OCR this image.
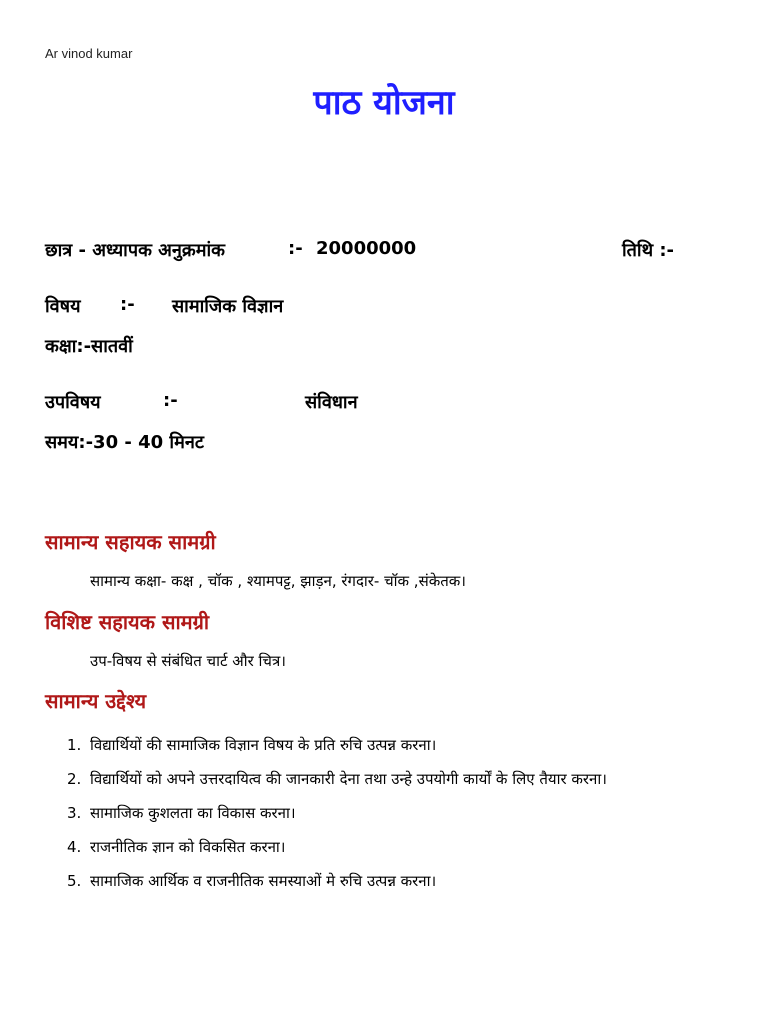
Ar vinod kumar
पाठ योजना
छात्र - अध्यापक अनुक्रमांक	:- 20000000	तिथि :-
विषय :- सामाजिक विज्ञान
कक्षा:-सातवीं
उपविषय	:-	संविधान
समय:-30 - 40 मिनट
सामान्य सहायक सामग्री
सामान्य कक्षा- कक्ष , चॉक , श्यामपट्ट, झाड़न, रंगदार- चॉक ,संकेतक।
विशिष्ट सहायक सामग्री
उप-विषय से संबंधित चार्ट और चित्र।
सामान्य उद्देश्य
1. विद्यार्थियों की सामाजिक विज्ञान विषय के प्रति रुचि उत्पन्न करना।
2. विद्यार्थियों को अपने उत्तरदायित्व की जानकारी देना तथा उन्हे उपयोगी कार्यों के लिए तैयार करना।
3. सामाजिक कुशलता का विकास करना।
4. राजनीतिक ज्ञान को विकसित करना।
5. सामाजिक आर्थिक व राजनीतिक समस्याओं मे रुचि उत्पन्न करना।
